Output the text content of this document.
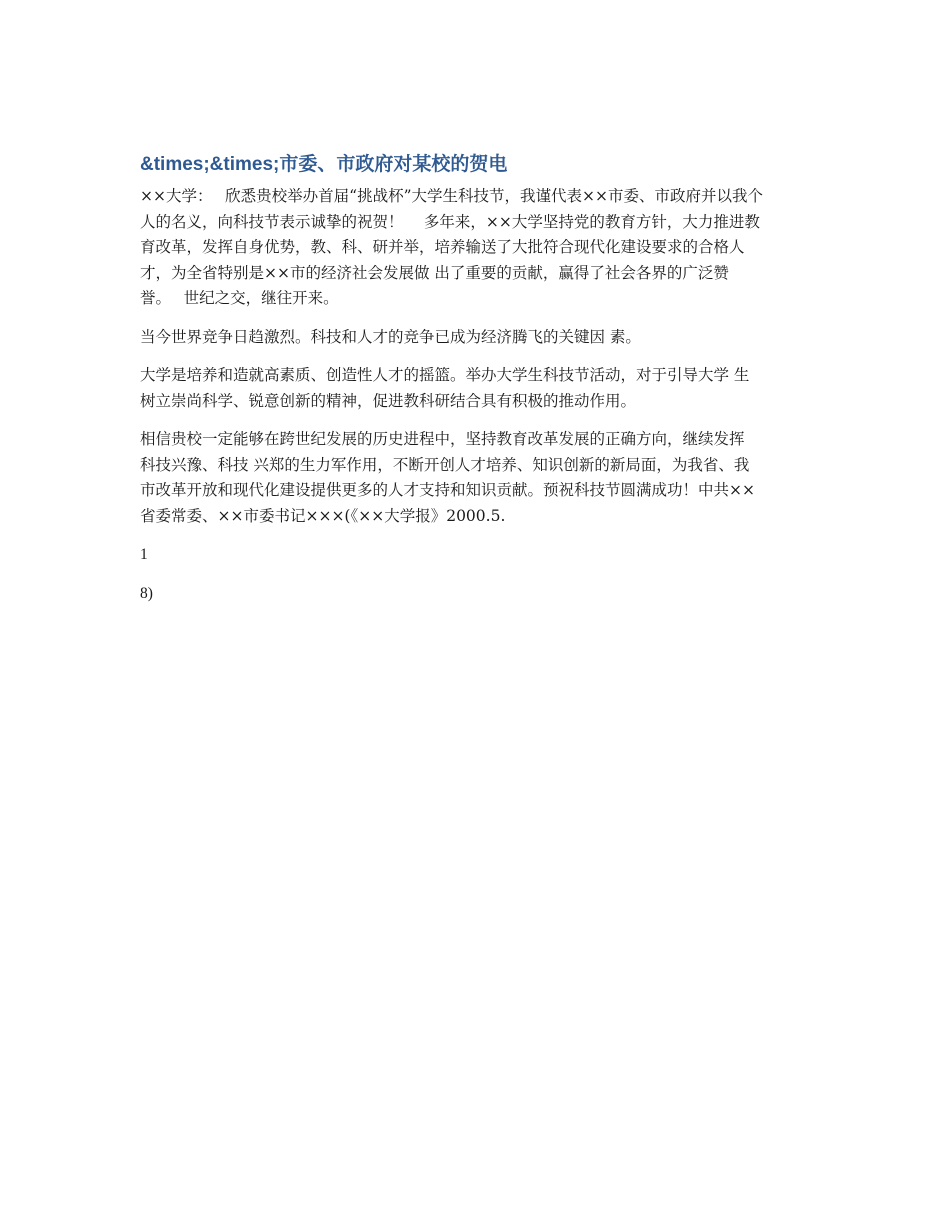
&times;&times;市委、市政府对某校的贺电

××大学：　 欣悉贵校举办首届“挑战杯”大学生科技节，我谨代表××市委、市政府并以我个
人的名义，向科技节表示诚挚的祝贺！　 多年来，××大学坚持党的教育方针，大力推进教
育改革，发挥自身优势，教、科、研并举，培养输送了大批符合现代化建设要求的合格人
才，为全省特别是××市的经济社会发展做 出了重要的贡献，赢得了社会各界的广泛赞
誉。　 世纪之交，继往开来。

当今世界竞争日趋激烈。科技和人才的竞争已成为经济腾飞的关键因 素。

大学是培养和造就高素质、创造性人才的摇篮。举办大学生科技节活动，对于引导大学 生
树立崇尚科学、锐意创新的精神，促进教科研结合具有积极的推动作用。

相信贵校一定能够在跨世纪发展的历史进程中，坚持教育改革发展的正确方向，继续发挥
科技兴豫、科技 兴郑的生力军作用，不断开创人才培养、知识创新的新局面，为我省、我
市改革开放和现代化建设提供更多的人才支持和知识贡献。预祝科技节圆满成功！中共××
省委常委、××市委书记×××(《××大学报》2000.5.

1

8)
